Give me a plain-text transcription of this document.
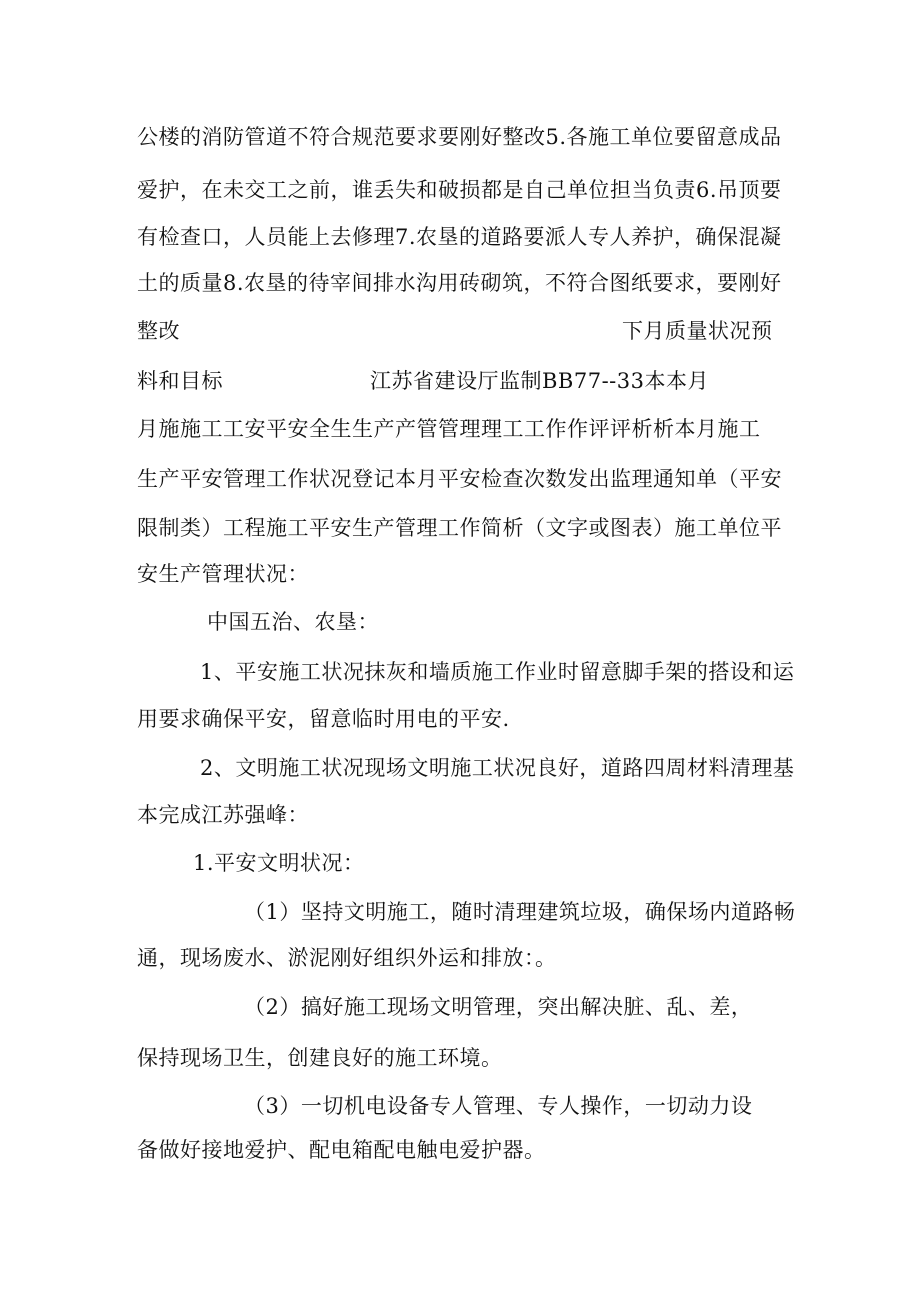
公楼的消防管道不符合规范要求要刚好整改5.各施工单位要留意成品
爱护，在未交工之前，谁丢失和破损都是自己单位担当负责6.吊顶要
有检查口，人员能上去修理7.农垦的道路要派人专人养护，确保混凝
土的质量8.农垦的待宰间排水沟用砖砌筑，不符合图纸要求，要刚好
整改	下月质量状况预
料和目标	江苏省建设厅监制BB77--33本本月
月施施工工安平安全生生产产管管理理工工作作评评析析本月施工
生产平安管理工作状况登记本月平安检查次数发出监理通知单（平安
限制类）工程施工平安生产管理工作简析（文字或图表）施工单位平
安生产管理状况：
中国五治、农垦：
1、平安施工状况抹灰和墙质施工作业时留意脚手架的搭设和运
用要求确保平安，留意临时用电的平安.
2、文明施工状况现场文明施工状况良好，道路四周材料清理基
本完成江苏强峰：
1.平安文明状况：
（1）坚持文明施工，随时清理建筑垃圾，确保场内道路畅
通，现场废水、淤泥刚好组织外运和排放：。
（2）搞好施工现场文明管理，突出解决脏、乱、差，
保持现场卫生，创建良好的施工环境。
（3）一切机电设备专人管理、专人操作，一切动力设
备做好接地爱护、配电箱配电触电爱护器。
